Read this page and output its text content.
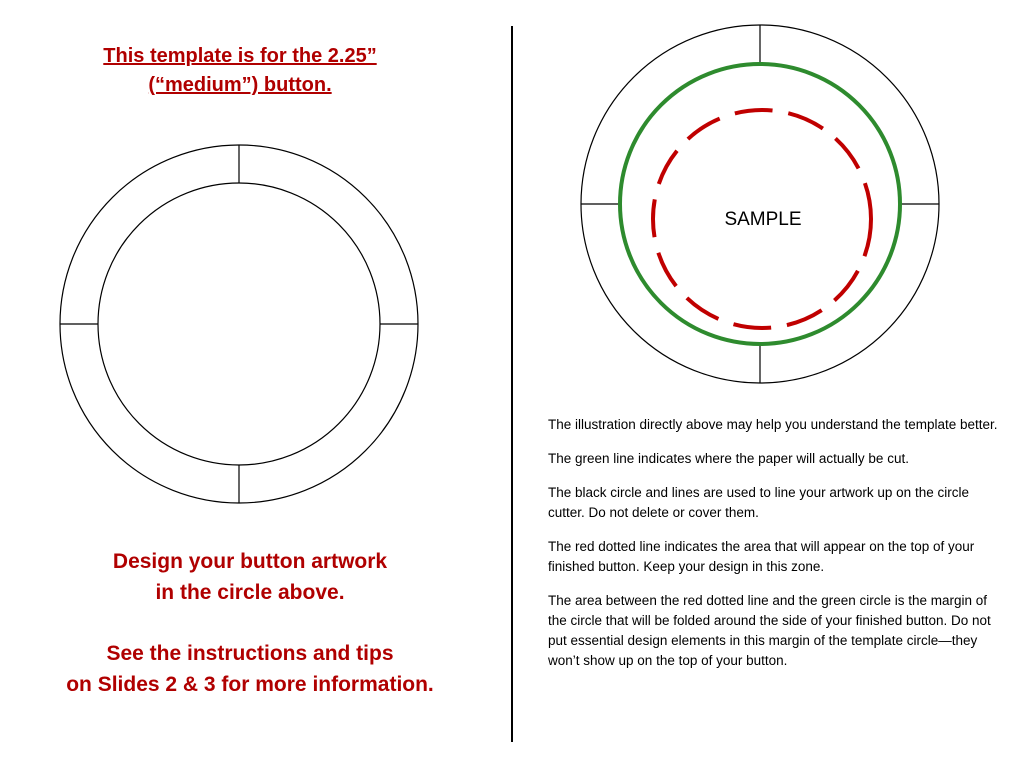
This template is for the 2.25”
(“medium”) button.
Design your button artwork
in the circle above.
See the instructions and tips
on Slides 2 & 3 for more information.
SAMPLE

The illustration directly above may help you understand the template better.

The green line indicates where the paper will actually be cut.

The black circle and lines are used to line your artwork up on the circle cutter. Do not delete or cover them.

The red dotted line indicates the area that will appear on the top of your finished button. Keep your design in this zone.

The area between the red dotted line and the green circle is the margin of the circle that will be folded around the side of your finished button. Do not put essential design elements in this margin of the template circle—they won’t show up on the top of your button.
